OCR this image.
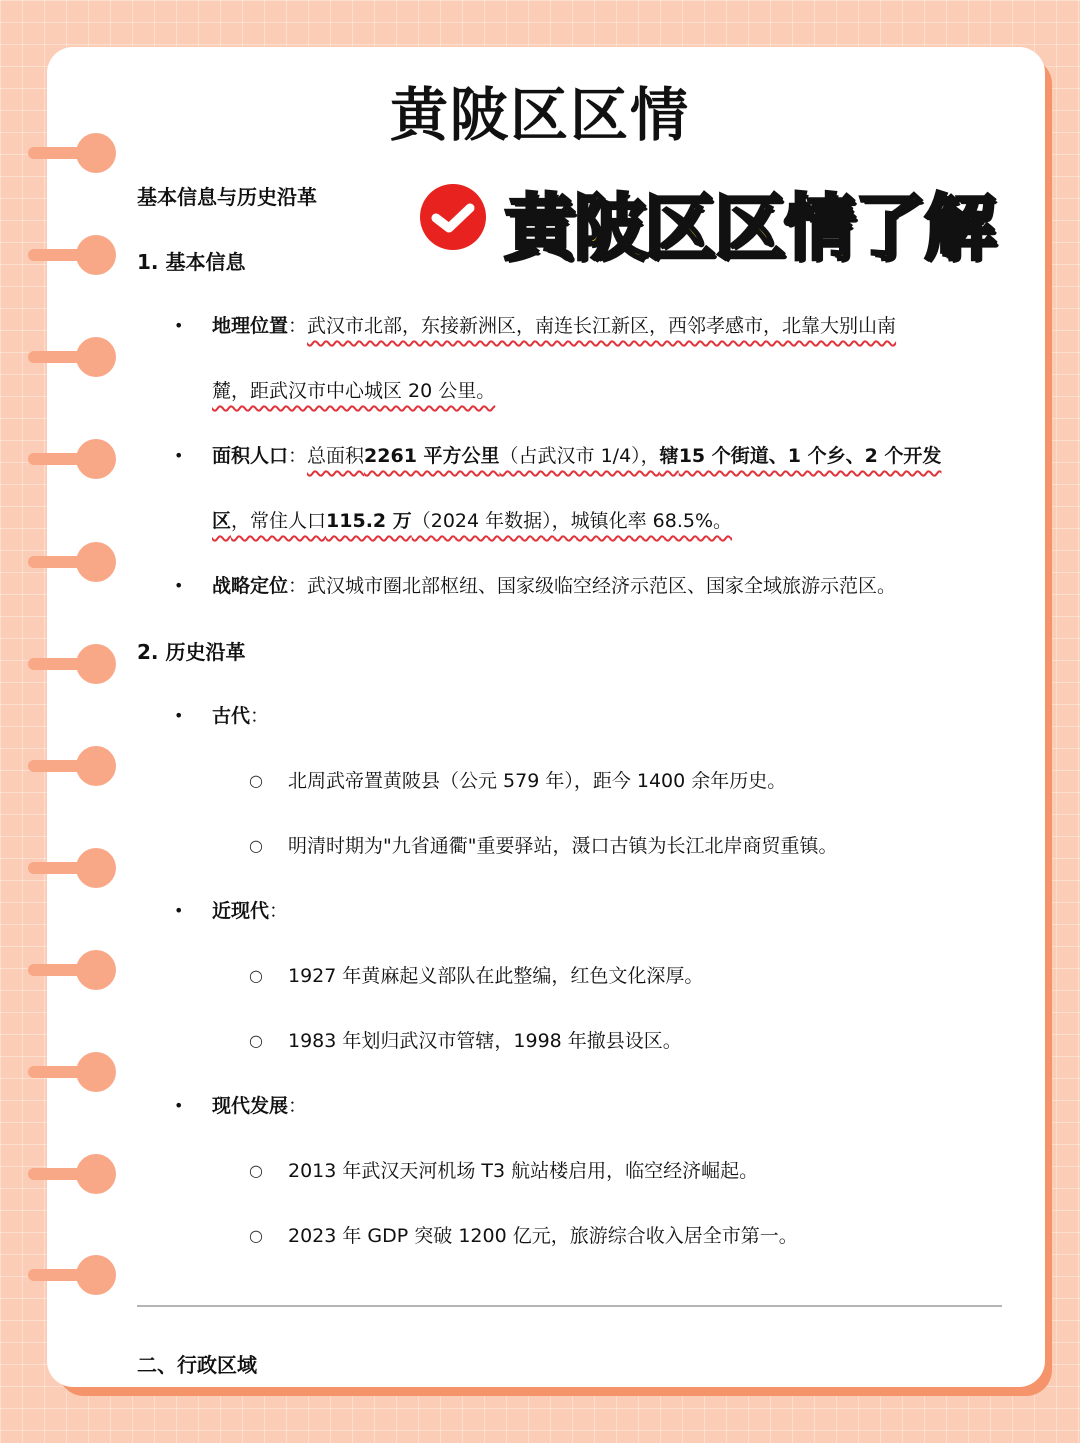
黄陂区区情
黄陂区区情了解
基本信息与历史沿革
1. 基本信息
• 地理位置：武汉市北部，东接新洲区，南连长江新区，西邻孝感市，北靠大别山南
麓，距武汉市中心城区 20 公里。
• 面积人口：总面积2261 平方公里（占武汉市 1/4），辖15 个街道、1 个乡、2 个开发
区，常住人口115.2 万（2024 年数据），城镇化率 68.5%。
• 战略定位：武汉城市圈北部枢纽、国家级临空经济示范区、国家全域旅游示范区。
2. 历史沿革
• 古代：
○ 北周武帝置黄陂县（公元 579 年），距今 1400 余年历史。
○ 明清时期为"九省通衢"重要驿站，滠口古镇为长江北岸商贸重镇。
• 近现代：
○ 1927 年黄麻起义部队在此整编，红色文化深厚。
○ 1983 年划归武汉市管辖，1998 年撤县设区。
• 现代发展：
○ 2013 年武汉天河机场 T3 航站楼启用，临空经济崛起。
○ 2023 年 GDP 突破 1200 亿元，旅游综合收入居全市第一。
二、行政区域
